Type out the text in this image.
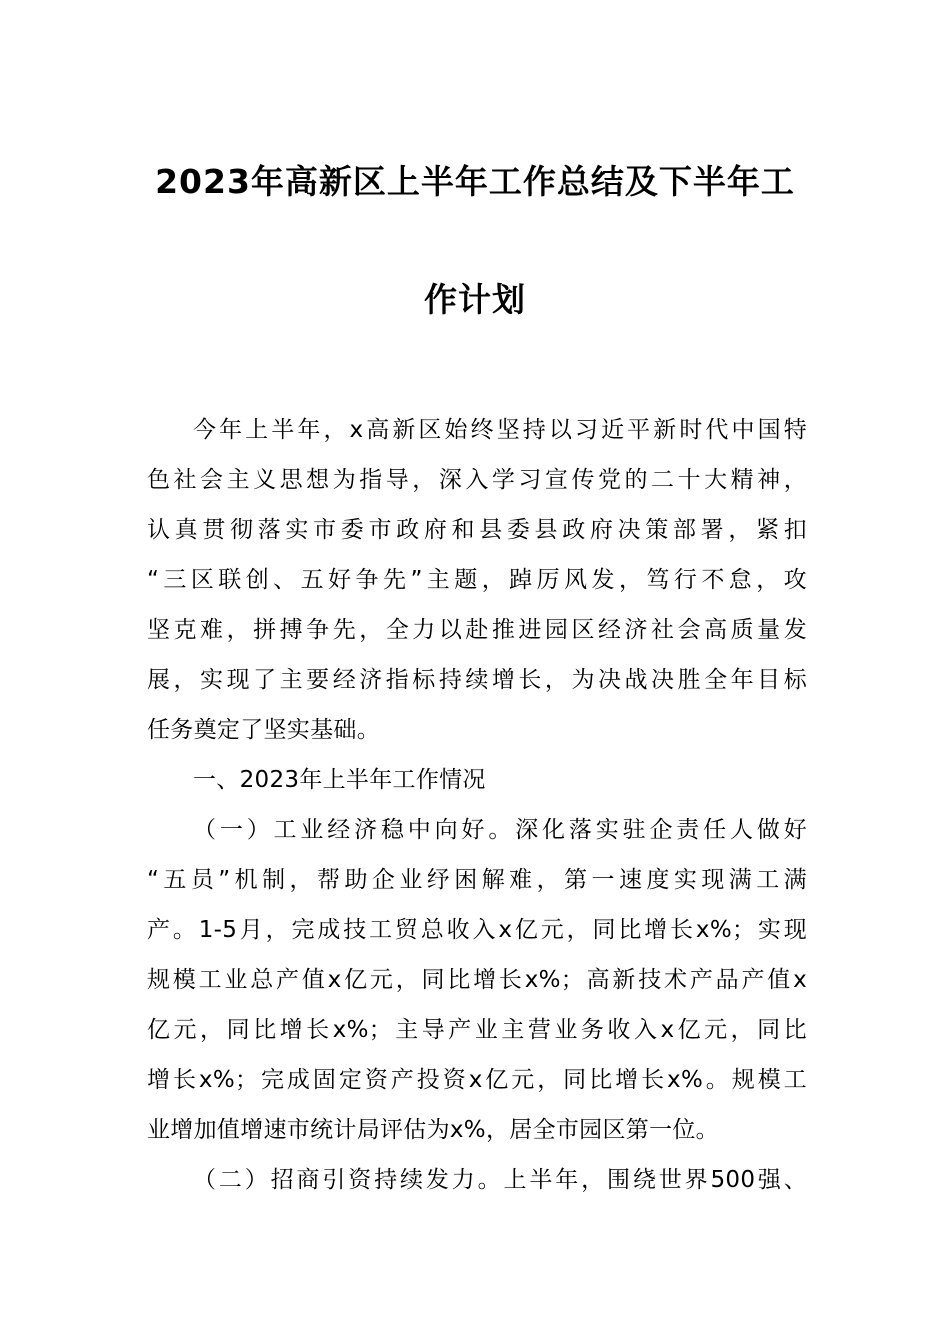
2023年高新区上半年工作总结及下半年工
作计划
今年上半年，x高新区始终坚持以习近平新时代中国特
色社会主义思想为指导，深入学习宣传党的二十大精神，
认真贯彻落实市委市政府和县委县政府决策部署，紧扣
“三区联创、五好争先”主题，踔厉风发，笃行不怠，攻
坚克难，拼搏争先，全力以赴推进园区经济社会高质量发
展，实现了主要经济指标持续增长，为决战决胜全年目标
任务奠定了坚实基础。
一、2023年上半年工作情况
（一）工业经济稳中向好。深化落实驻企责任人做好
“五员”机制，帮助企业纾困解难，第一速度实现满工满
产。1-5月，完成技工贸总收入x亿元，同比增长x%；实现
规模工业总产值x亿元，同比增长x%；高新技术产品产值x
亿元，同比增长x%；主导产业主营业务收入x亿元，同比
增长x%；完成固定资产投资x亿元，同比增长x%。规模工
业增加值增速市统计局评估为x%，居全市园区第一位。
（二）招商引资持续发力。上半年，围绕世界500强、
